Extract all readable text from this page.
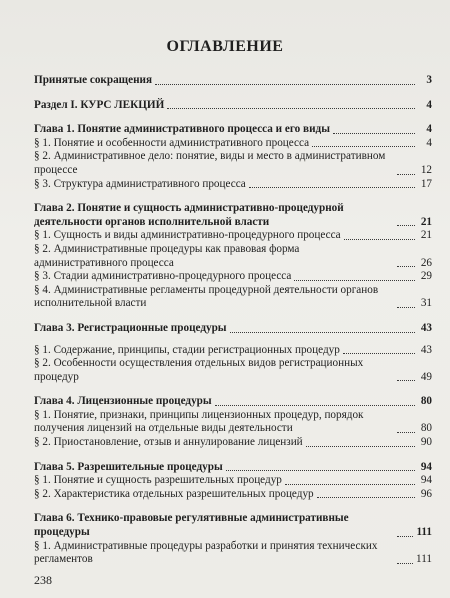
ОГЛАВЛЕНИЕ
Принятые сокращения	3
Раздел I. КУРС ЛЕКЦИЙ	4
Глава 1. Понятие административного процесса и его виды	4
§ 1. Понятие и особенности административного процесса	4
§ 2. Административное дело: понятие, виды и место в административном процессе	12
§ 3. Структура административного процесса	17
Глава 2. Понятие и сущность административно-процедурной деятельности органов исполнительной власти	21
§ 1. Сущность и виды административно-процедурного процесса	21
§ 2. Административные процедуры как правовая форма административного процесса	26
§ 3. Стадии административно-процедурного процесса	29
§ 4. Административные регламенты процедурной деятельности органов исполнительной власти	31
Глава 3. Регистрационные процедуры	43
§ 1. Содержание, принципы, стадии регистрационных процедур	43
§ 2. Особенности осуществления отдельных видов регистрационных процедур	49
Глава 4. Лицензионные процедуры	80
§ 1. Понятие, признаки, принципы лицензионных процедур, порядок получения лицензий на отдельные виды деятельности	80
§ 2. Приостановление, отзыв и аннулирование лицензий	90
Глава 5. Разрешительные процедуры	94
§ 1. Понятие и сущность разрешительных процедур	94
§ 2. Характеристика отдельных разрешительных процедур	96
Глава 6. Технико-правовые регулятивные административные процедуры	111
§ 1. Административные процедуры разработки и принятия технических регламентов	111
238
